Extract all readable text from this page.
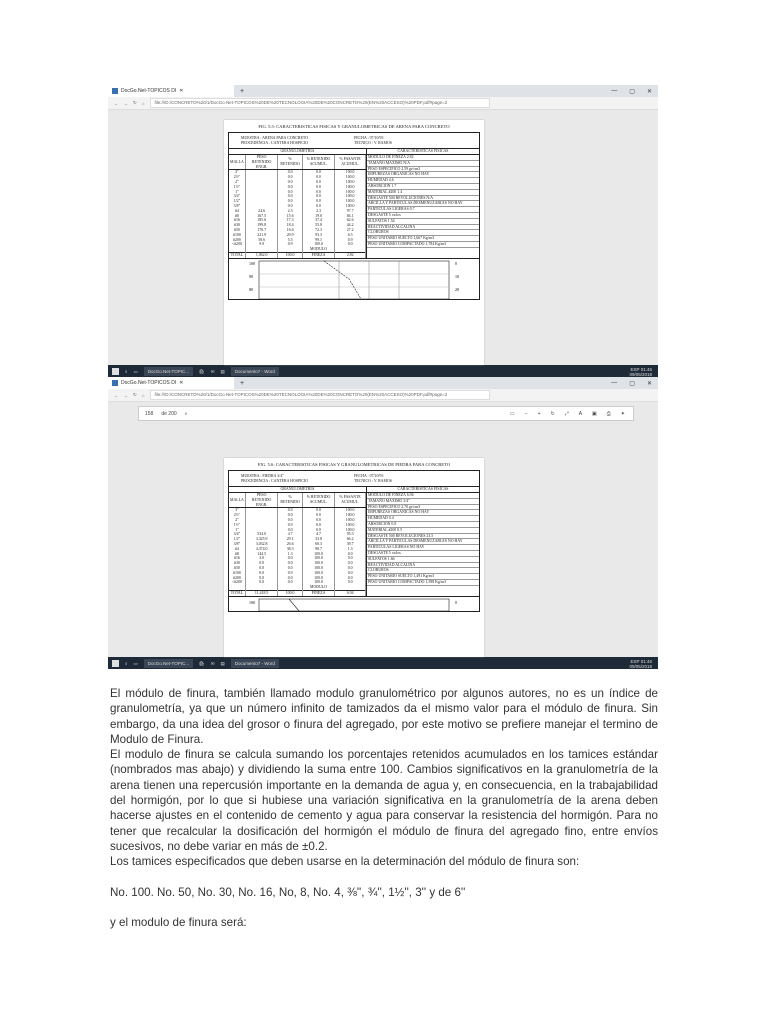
DocGo.Net-TOPICOS DI ✕	+	— ▢ ✕
← → ↻ ⌂	file:///D:/CONCRETO%20/1/DocGo.Net-TOPICOS%20DE%20TECNOLOGIA%20DE%20CONCRETO%20(EN%20ACCESO)%20PDF.pdf#page=2
FIG. 5.5: CARACTERISTICAS FISICAS Y GRANULOMETRICAS DE ARENA PARA CONCRETO
MUESTRA : ARENA PARA CONCRETO	FECHA : 07/10/93
PROCEDENCIA : CANTERA HOSPICIO	TECNICO : V. RAMOS
GRANULOMETRIA
MALLA	PESO RETENIDO ENGR.	% RETENIDO	% RETENIDO ACUMUL.	% PASANTE ACUMUL.
3"		0.0	0.0	100.0
2½"		0.0	0.0	100.0
2"		0.0	0.0	100.0
1½"		0.0	0.0	100.0
1"		0.0	0.0	100.0
3/4"		0.0	0.0	100.0
1/2"		0.0	0.0	100.0
3/8"		0.0	0.0	100.0
#4	24.6	2.3	2.3	97.7
#8	167.5	15.6	19.0	84.1
#16	185.6	17.3	37.4	62.6
#30	199.8	18.4	55.8	44.2
#50	176.7	16.6	72.3	27.2
#100	221.9	20.9	93.3	6.5
#200	58.6	5.5	99.1	0.9
<#200	9.9	0.9	100.0	0.0
			MODULO	
TOTAL	1,062.0	100.0	FINEZA	2.82
CARACTERISTICAS FISICAS
MODULO DE FINEZA 2.82
TAMAÑO MAXIMO N/A
PESO ESPECIFICO 2.59 gr/cm3
IMPUREZAS ORGANICAS NO HAY
HUMEDAD 4.6
ABSORCION 1.7
MATERIAL #200 1.4
DESGASTE 500 REVOLUCIONES N/A
ARCILLA Y PARTICULAS DESMENUZABLES NO HAY
PARTICULAS LIGERAS 0.7
DESGASTE 5 ciclos
SULFATOS 1.54
REACTIVIDAD ALCALINA
CLORUROS
PESO UNITARIO SUELTO 1,667 Kg/m3
PESO UNITARIO COMPACTADO 1,784 Kg/m3
100
90
80
0
10
20
⌕ ▭	DocGo.Net-TOPIC...	🛍 ✉ ▤	Documento7 - Word	ESP 01:46
09/05/2018
DocGo.Net-TOPICOS DI ✕	+	— ▢ ✕
← → ↻ ⌂	file:///D:/CONCRETO%20/1/DocGo.Net-TOPICOS%20DE%20TECNOLOGIA%20DE%20CONCRETO%20(EN%20ACCESO)%20PDF.pdf#page=2
158 de 200 ⌕	▭ − + ↻ ⤢ A ▣ ⎙ ✦
FIG. 5.6: CARACTERISTICAS FISICAS Y GRANULOMETRICAS DE PIEDRA PARA CONCRETO
MUESTRA : PIEDRA 3/4"	FECHA : 07/10/93
PROCEDENCIA : CANTERA HOSPICIO	TECNICO : V. RAMOS
GRANULOMETRIA
MALLA	PESO RETENIDO ENGR.	% RETENIDO	% RETENIDO ACUMUL.	% PASANTE ACUMUL.
3"		0.0	0.0	100.0
2½"		0.0	0.0	100.0
2"		0.0	0.0	100.0
1½"		0.0	0.0	100.0
1"		0.0	0.0	100.0
3/4"	534.0	4.7	4.7	95.3
1/2"	3,325.9	29.1	33.8	66.2
3/8"	3,032.8	26.6	60.3	39.7
#4	4,374.0	38.3	98.7	1.3
#8	144.5	1.3	100.0	0.0
#16	3.0	0.0	100.0	0.0
#30	0.0	0.0	100.0	0.0
#50	0.0	0.0	100.0	0.0
#100	0.0	0.0	100.0	0.0
#200	0.0	0.0	100.0	0.0
<#200	0.0	0.0	100.0	0.0
			MODULO	
TOTAL	11,418.5	100.0	FINEZA	6.94
CARACTERISTICAS FISICAS
MODULO DE FINEZA 6.94
TAMAÑO MAXIMO 3/4"
PESO ESPECIFICO 2.70 gr/cm3
IMPUREZAS ORGANICAS NO HAY
HUMEDAD 0.4
ABSORCION 0.8
MATERIAL #200 0.5
DESGASTE 500 REVOLUCIONES 23.5
ARCILLA Y PARTICULAS DESMENUZABLES NO HAY
PARTICULAS LIGERAS NO HAY
DESGASTE 5 ciclos
SULFATOS 1.66
REACTIVIDAD ALCALINA
CLORUROS
PESO UNITARIO SUELTO 1,491 Kg/m3
PESO UNITARIO COMPACTADO 1,598 Kg/m3
100	0
⌕ ▭	DocGo.Net-TOPIC...	🛍 ✉ ▤	Documento7 - Word	ESP 01:46
09/05/2018

El módulo de finura, también llamado modulo granulométrico por algunos autores, no es un índice de granulometría, ya que un número infinito de tamizados da el mismo valor para el módulo de finura. Sin embargo, da una idea del grosor o finura del agregado, por este motivo se prefiere manejar el termino de Modulo de Finura.

El modulo de finura se calcula sumando los porcentajes retenidos acumulados en los tamices estándar (nombrados mas abajo) y dividiendo la suma entre 100. Cambios significativos en la granulometría de la arena tienen una repercusión importante en la demanda de agua y, en consecuencia, en la trabajabilidad del hormigón, por lo que si hubiese una variación significativa en la granulometría de la arena deben hacerse ajustes en el contenido de cemento y agua para conservar la resistencia del hormigón. Para no tener que recalcular la dosificación del hormigón el módulo de finura del agregado fino, entre envíos sucesivos, no debe variar en más de ±0.2.

Los tamices especificados que deben usarse en la determinación del módulo de finura son:

No. 100. No. 50, No. 30, No. 16, No, 8, No. 4, ⅜'', ¾'', 1½'', 3'' y de 6''

y el modulo de finura será:
